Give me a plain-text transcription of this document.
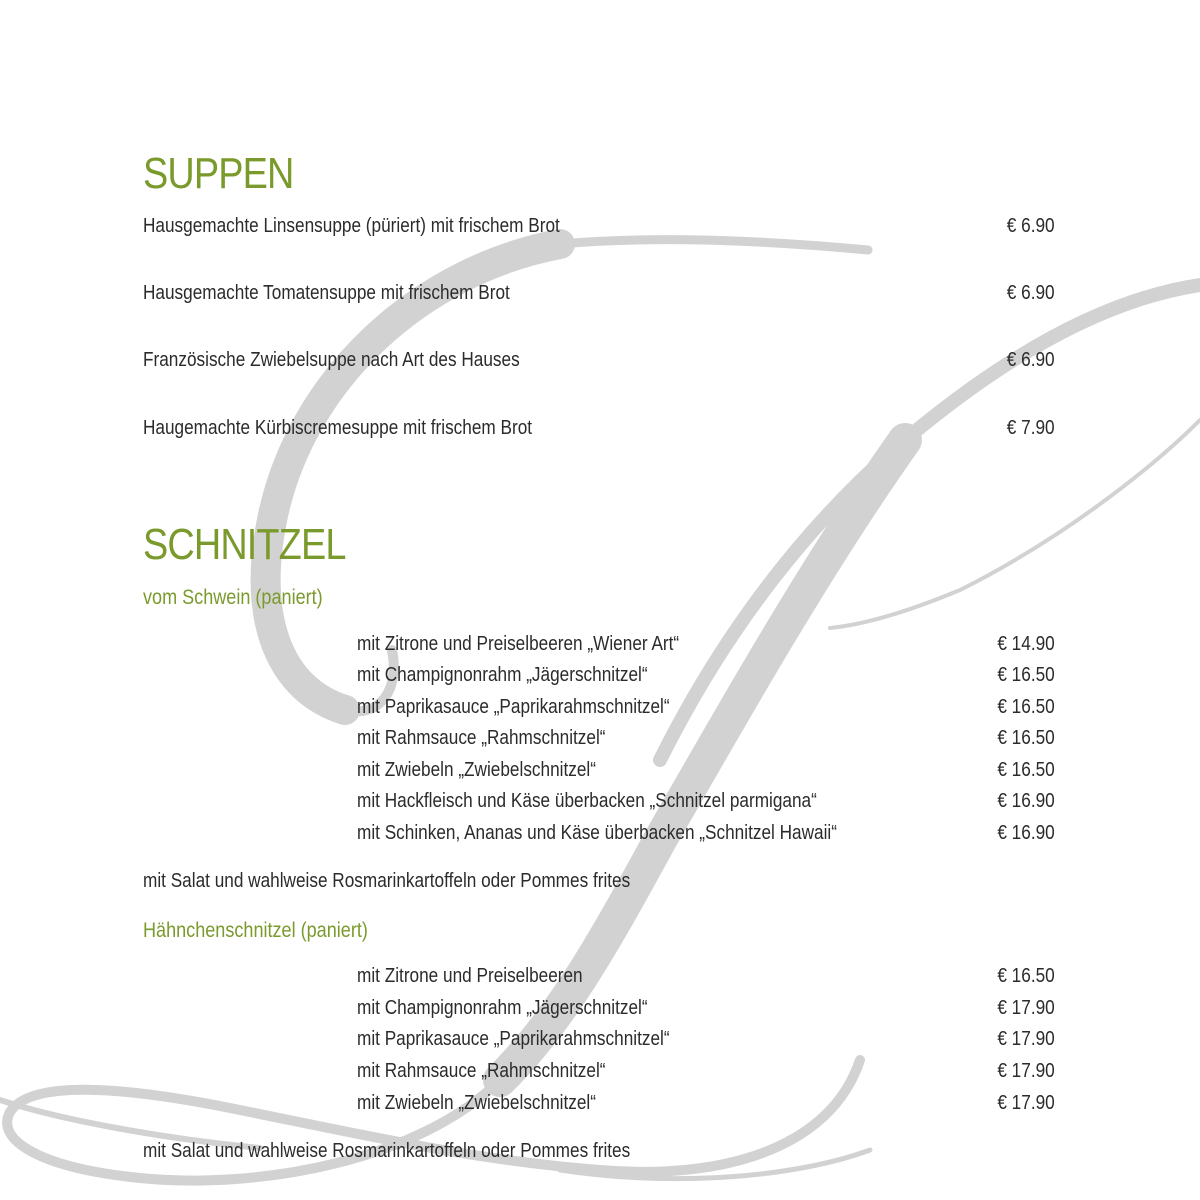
SUPPEN
Hausgemachte Linsensuppe (püriert) mit frischem Brot	€ 6.90
Hausgemachte Tomatensuppe mit frischem Brot	€ 6.90
Französische Zwiebelsuppe nach Art des Hauses	€ 6.90
Haugemachte Kürbiscremesuppe mit frischem Brot	€ 7.90
SCHNITZEL
vom Schwein (paniert)
mit Zitrone und Preiselbeeren „Wiener Art“	€ 14.90
mit Champignonrahm „Jägerschnitzel“	€ 16.50
mit Paprikasauce „Paprikarahmschnitzel“	€ 16.50
mit Rahmsauce „Rahmschnitzel“	€ 16.50
mit Zwiebeln „Zwiebelschnitzel“	€ 16.50
mit Hackfleisch und Käse überbacken „Schnitzel parmigana“	€ 16.90
mit Schinken, Ananas und Käse überbacken „Schnitzel Hawaii“	€ 16.90
mit Salat und wahlweise Rosmarinkartoffeln oder Pommes frites
Hähnchenschnitzel (paniert)
mit Zitrone und Preiselbeeren	€ 16.50
mit Champignonrahm „Jägerschnitzel“	€ 17.90
mit Paprikasauce „Paprikarahmschnitzel“	€ 17.90
mit Rahmsauce „Rahmschnitzel“	€ 17.90
mit Zwiebeln „Zwiebelschnitzel“	€ 17.90
mit Salat und wahlweise Rosmarinkartoffeln oder Pommes frites
